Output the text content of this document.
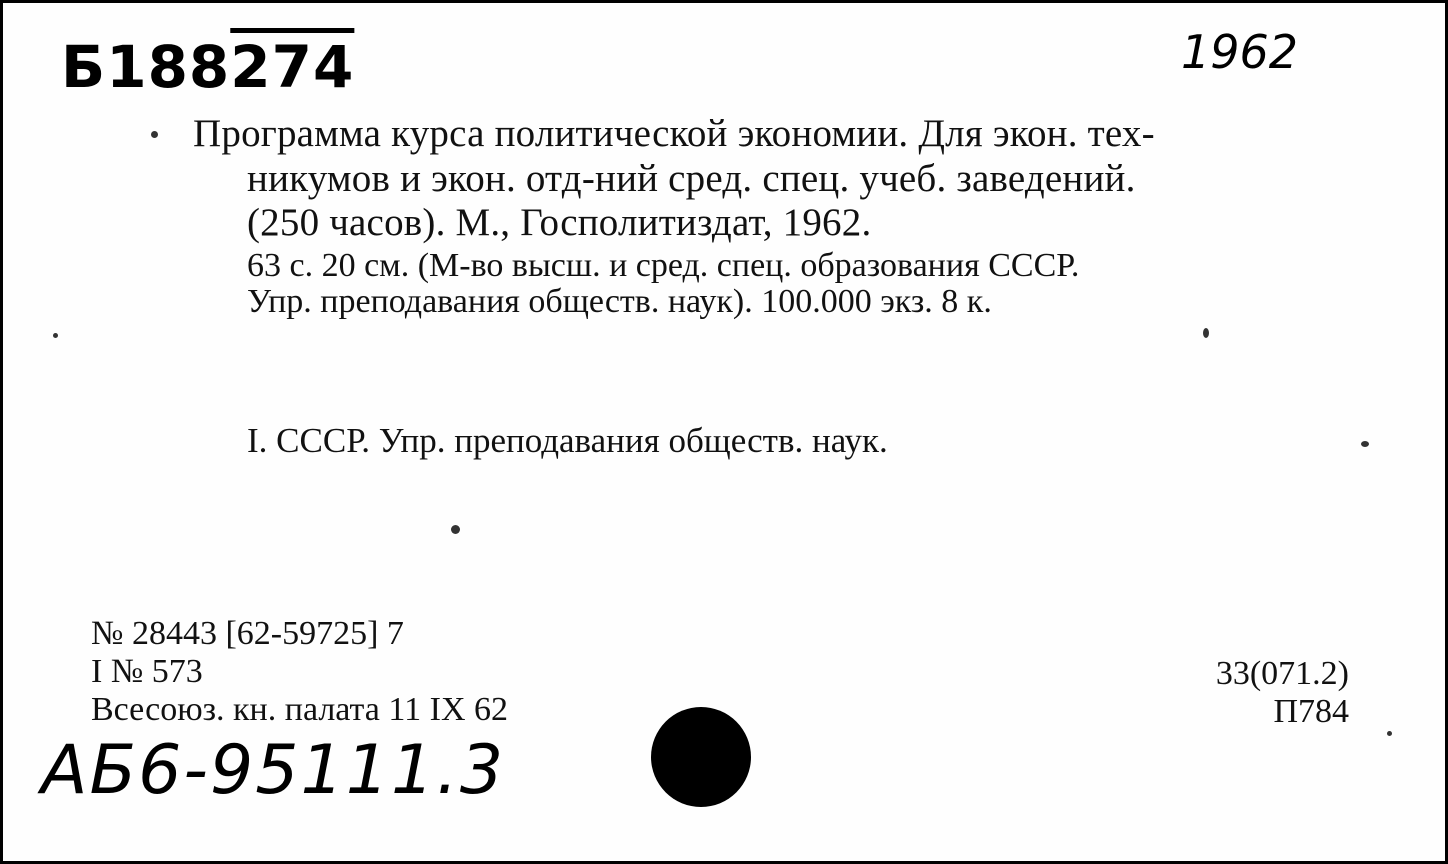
Б188274	1962
Программа курса политической экономии. Для экон. тех-
никумов и экон. отд-ний сред. спец. учеб. заведений.
(250 часов). М., Госполитиздат, 1962.
63 с. 20 см. (М-во высш. и сред. спец. образования СССР.
Упр. преподавания обществ. наук). 100.000 экз. 8 к.
I. СССР. Упр. преподавания обществ. наук.
№ 28443 [62-59725] 7
I № 573
Всесоюз. кн. палата 11 IX 62
33(071.2)
П784
АБ6-95111.3
